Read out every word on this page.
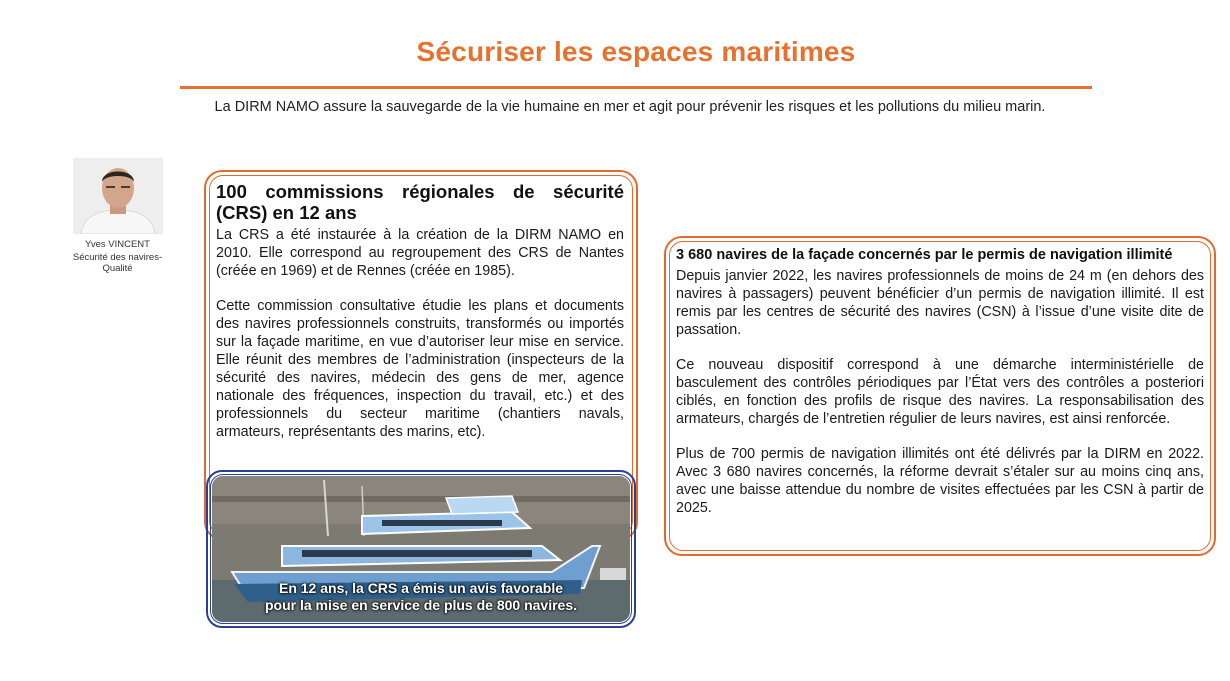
Sécuriser les espaces maritimes
La DIRM NAMO assure la sauvegarde de la vie humaine en mer et agit pour prévenir les risques et les pollutions du milieu marin.
Yves VINCENT
Sécurité des navires-Qualité
100 commissions régionales de sécurité (CRS) en 12 ans

La CRS a été instaurée à la création de la DIRM NAMO en 2010. Elle correspond au regroupement des CRS de Nantes (créée en 1969) et de Rennes (créée en 1985).

Cette commission consultative étudie les plans et documents des navires professionnels construits, transformés ou importés sur la façade maritime, en vue d’autoriser leur mise en service. Elle réunit des membres de l’administration (inspecteurs de la sécurité des navires, médecin des gens de mer, agence nationale des fréquences, inspection du travail, etc.) et des professionnels du secteur maritime (chantiers navals, armateurs, représentants des marins, etc).

En 12 ans, la CRS a émis un avis favorable
pour la mise en service de plus de 800 navires.
3 680 navires de la façade concernés par le permis de navigation illimité

Depuis janvier 2022, les navires professionnels de moins de 24 m (en dehors des navires à passagers) peuvent bénéficier d’un permis de navigation illimité. Il est remis par les centres de sécurité des navires (CSN) à l’issue d’une visite dite de passation.

Ce nouveau dispositif correspond à une démarche interministérielle de basculement des contrôles périodiques par l’État vers des contrôles a posteriori ciblés, en fonction des profils de risque des navires. La responsabilisation des armateurs, chargés de l’entretien régulier de leurs navires, est ainsi renforcée.

Plus de 700 permis de navigation illimités ont été délivrés par la DIRM en 2022. Avec 3 680 navires concernés, la réforme devrait s’étaler sur au moins cinq ans, avec une baisse attendue du nombre de visites effectuées par les CSN à partir de 2025.
